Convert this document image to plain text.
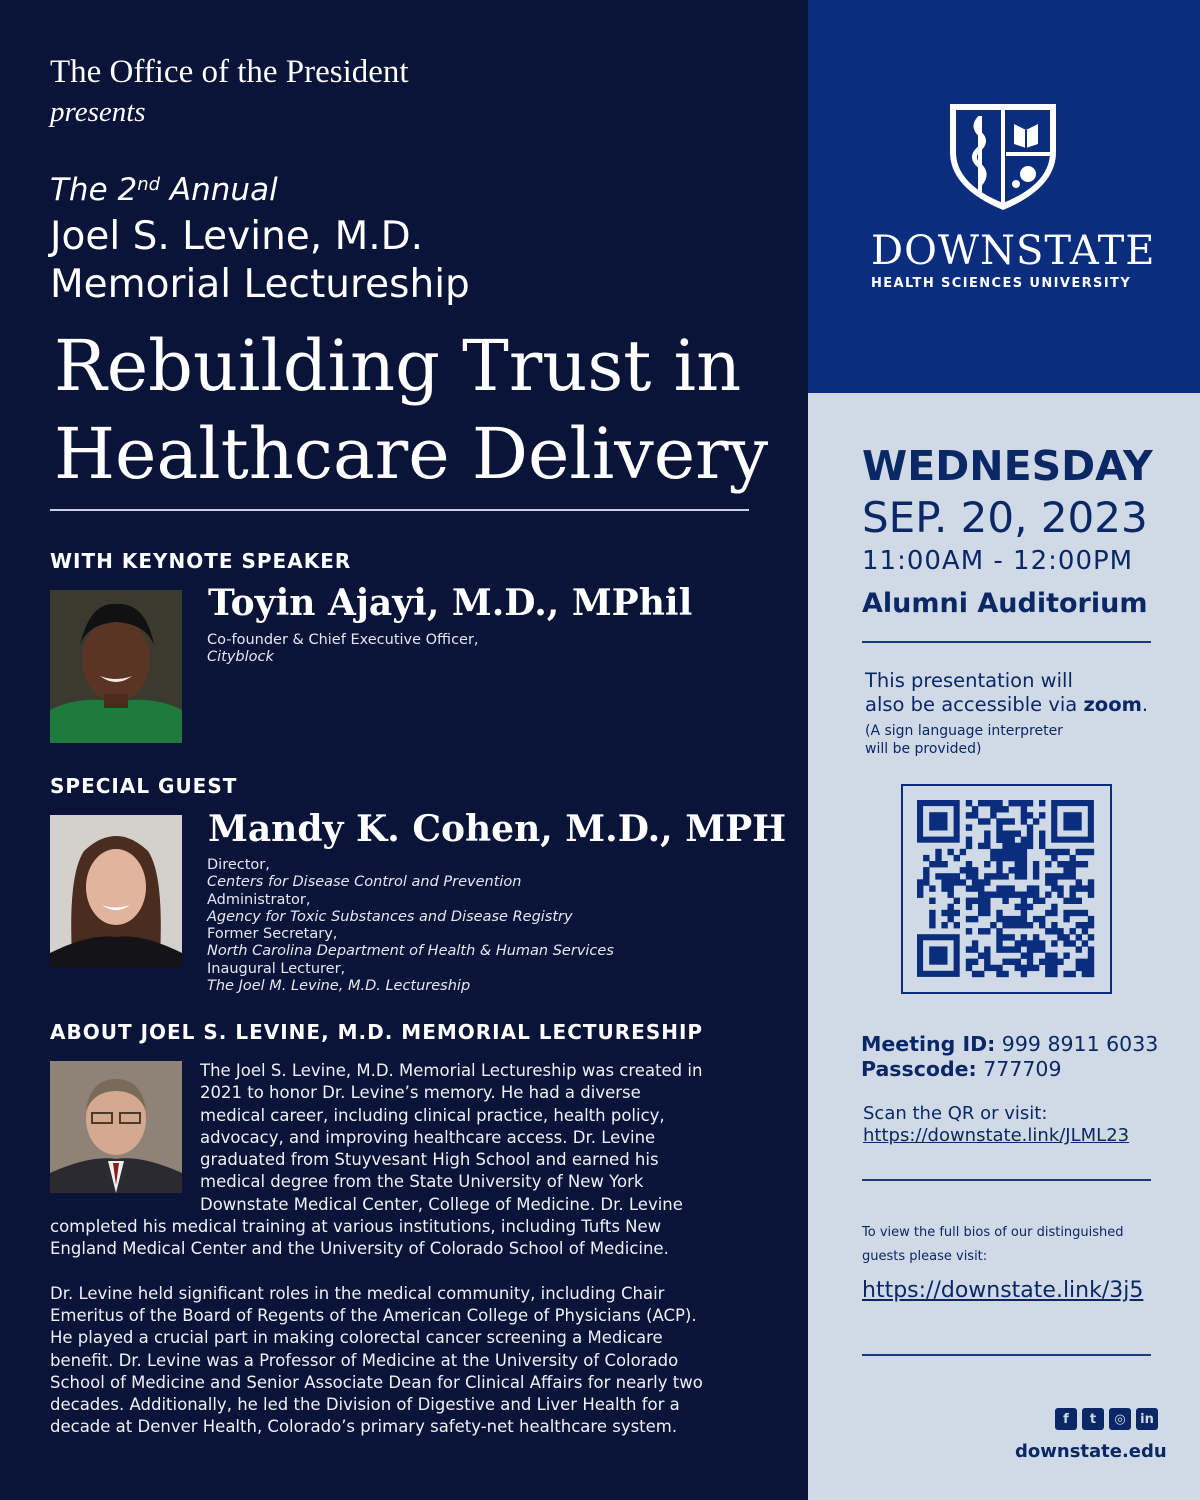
The Office of the President
presents
The 2nd Annual
Joel S. Levine, M.D.
Memorial Lectureship
Rebuilding Trust in Healthcare Delivery
WITH KEYNOTE SPEAKER
Toyin Ajayi, M.D., MPhil
Co-founder & Chief Executive Officer,
Cityblock
SPECIAL GUEST
Mandy K. Cohen, M.D., MPH
Director,
Centers for Disease Control and Prevention
Administrator,
Agency for Toxic Substances and Disease Registry
Former Secretary,
North Carolina Department of Health & Human Services
Inaugural Lecturer,
The Joel M. Levine, M.D. Lectureship
ABOUT JOEL S. LEVINE, M.D. MEMORIAL LECTURESHIP

The Joel S. Levine, M.D. Memorial Lectureship was created in 2021 to honor Dr. Levine’s memory. He had a diverse medical career, including clinical practice, health policy, advocacy, and improving healthcare access. Dr. Levine graduated from Stuyvesant High School and earned his medical degree from the State University of New York Downstate Medical Center, College of Medicine. Dr. Levine completed his medical training at various institutions, including Tufts New England Medical Center and the University of Colorado School of Medicine.

Dr. Levine held significant roles in the medical community, including Chair Emeritus of the Board of Regents of the American College of Physicians (ACP). He played a crucial part in making colorectal cancer screening a Medicare benefit. Dr. Levine was a Professor of Medicine at the University of Colorado School of Medicine and Senior Associate Dean for Clinical Affairs for nearly two decades. Additionally, he led the Division of Digestive and Liver Health for a decade at Denver Health, Colorado’s primary safety-net healthcare system.

DOWNSTATE
HEALTH SCIENCES UNIVERSITY
WEDNESDAY
SEP. 20, 2023
11:00AM - 12:00PM
Alumni Auditorium
This presentation will
also be accessible via zoom.
(A sign language interpreter
will be provided)
Meeting ID: 999 8911 6033
Passcode: 777709
Scan the QR or visit:
https://downstate.link/JLML23
To view the full bios of our distinguished
guests please visit:
https://downstate.link/3j5
f	t	◎	in
downstate.edu
